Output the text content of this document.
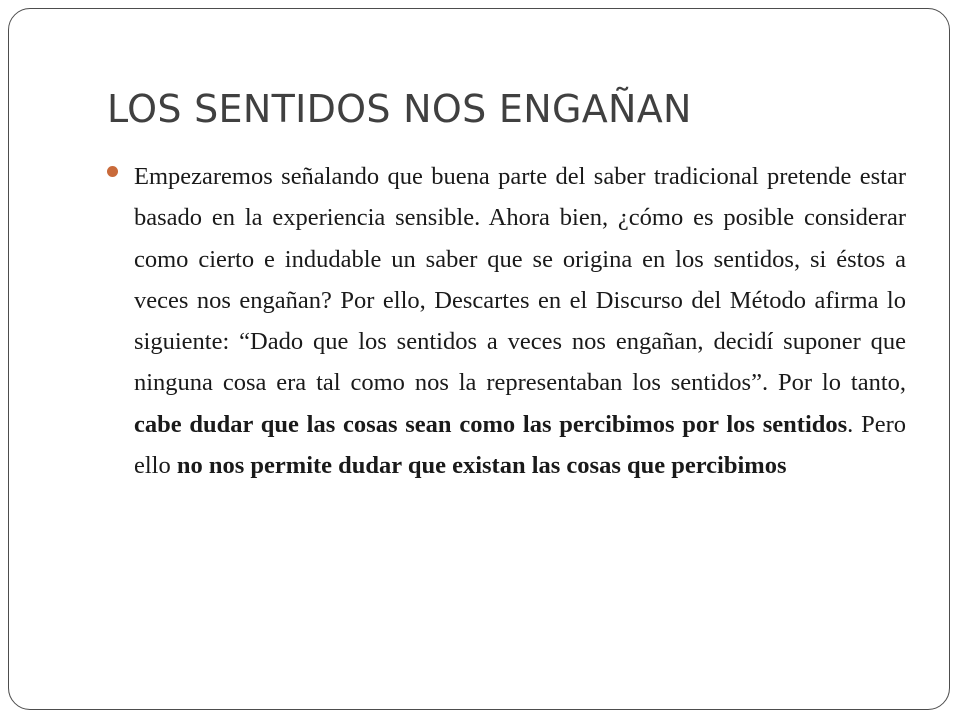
LOS SENTIDOS NOS ENGAÑAN

Empezaremos señalando que buena parte del saber tradicional pretende estar basado en la experiencia sensible. Ahora bien, ¿cómo es posible considerar como cierto e indudable un saber que se origina en los sentidos, si éstos a veces nos engañan? Por ello, Descartes en el Discurso del Método afirma lo siguiente: “Dado que los sentidos a veces nos engañan, decidí suponer que ninguna cosa era tal como nos la representaban los sentidos”. Por lo tanto, cabe dudar que las cosas sean como las percibimos por los sentidos. Pero ello no nos permite dudar que existan las cosas que percibimos
